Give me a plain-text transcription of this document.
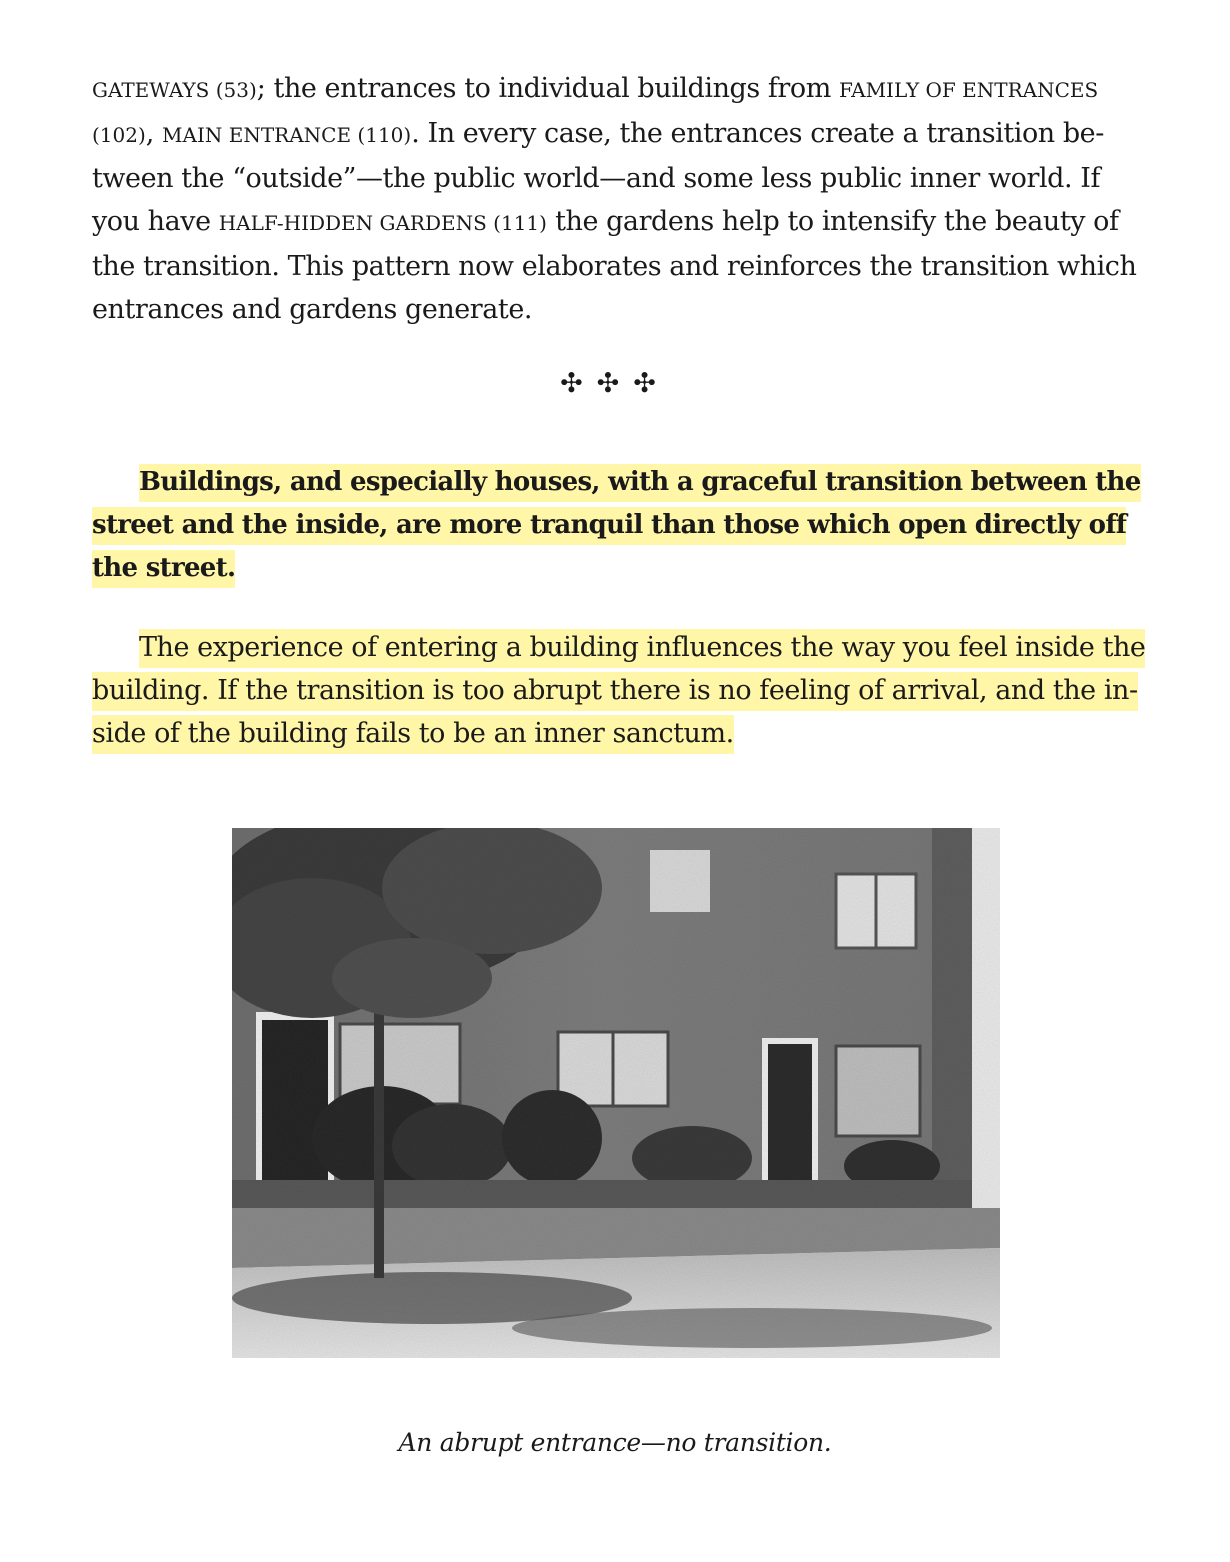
GATEWAYS (53); the entrances to individual buildings from FAMILY OF ENTRANCES
(102), MAIN ENTRANCE (110). In every case, the entrances create a transition be-
tween the “outside”—the public world—and some less public inner world. If
you have HALF-HIDDEN GARDENS (111) the gardens help to intensify the beauty of
the transition. This pattern now elaborates and reinforces the transition which
entrances and gardens generate.
✣✣✣
Buildings, and especially houses, with a graceful transition between the
street and the inside, are more tranquil than those which open directly off
the street.
The experience of entering a building influences the way you feel inside the
building. If the transition is too abrupt there is no feeling of arrival, and the in-
side of the building fails to be an inner sanctum.
An abrupt entrance—no transition.
